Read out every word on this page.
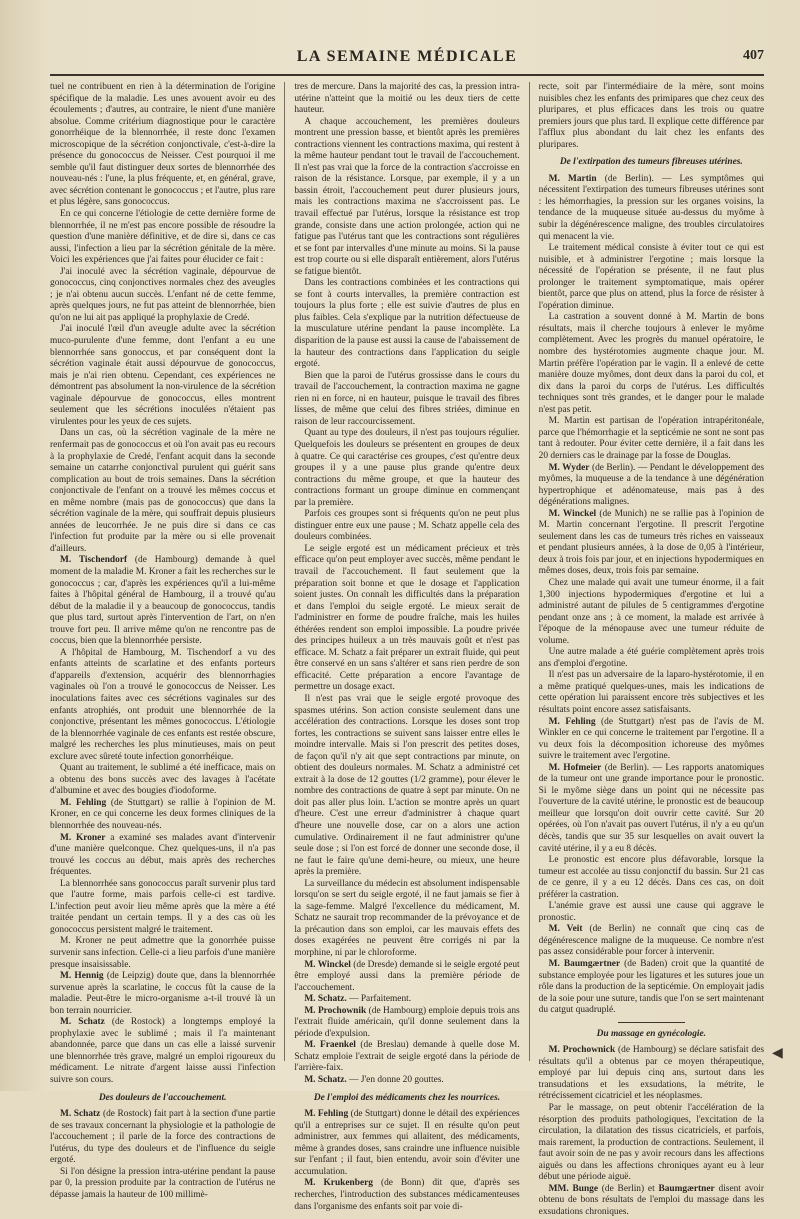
LA SEMAINE MÉDICALE	407

tuel ne contribuent en rien à la détermination de l'origine spécifique de la maladie. Les unes avouent avoir eu des écoulements ; d'autres, au contraire, le nient d'une manière absolue. Comme critérium diagnostique pour le caractère gonorrhéique de la blennorrhée, il reste donc l'examen microscopique de la sécrétion conjonctivale, c'est-à-dire la présence du gonococcus de Neisser. C'est pourquoi il me semble qu'il faut distinguer deux sortes de blennorrhée des nouveau-nés : l'une, la plus fréquente, et, en général, grave, avec sécrétion contenant le gonococcus ; et l'autre, plus rare et plus légère, sans gonococcus.

En ce qui concerne l'étiologie de cette dernière forme de blennorrhée, il ne m'est pas encore possible de résoudre la question d'une manière définitive, et de dire si, dans ce cas aussi, l'infection a lieu par la sécrétion génitale de la mère. Voici les expériences que j'ai faites pour élucider ce fait :

J'ai inoculé avec la sécrétion vaginale, dépourvue de gonococcus, cinq conjonctives normales chez des aveugles ; je n'ai obtenu aucun succès. L'enfant né de cette femme, après quelques jours, ne fut pas atteint de blennorrhée, bien qu'on ne lui ait pas appliqué la prophylaxie de Credé.

J'ai inoculé l'œil d'un aveugle adulte avec la sécrétion muco-purulente d'une femme, dont l'enfant a eu une blennorrhée sans gonoccus, et par conséquent dont la sécrétion vaginale était aussi dépourvue de gonococcus, mais je n'ai rien obtenu. Cependant, ces expériences ne démontrent pas absolument la non-virulence de la sécrétion vaginale dépourvue de gonococcus, elles montrent seulement que les sécrétions inoculées n'étaient pas virulentes pour les yeux de ces sujets.

Dans un cas, où la sécrétion vaginale de la mère ne renfermait pas de gonococcus et où l'on avait pas eu recours à la prophylaxie de Credé, l'enfant acquit dans la seconde semaine un catarrhe conjonctival purulent qui guérit sans complication au bout de trois semaines. Dans la sécrétion conjonctivale de l'enfant on a trouvé les mêmes coccus et en même nombre (mais pas de gonococcus) que dans la sécrétion vaginale de la mère, qui souffrait depuis plusieurs années de leucorrhée. Je ne puis dire si dans ce cas l'infection fut produite par la mère ou si elle provenait d'ailleurs.

M. Tischendorf (de Hambourg) demande à quel moment de la maladie M. Kroner a fait les recherches sur le gonococcus ; car, d'après les expériences qu'il a lui-même faites à l'hôpital général de Hambourg, il a trouvé qu'au début de la maladie il y a beaucoup de gonococcus, tandis que plus tard, surtout après l'intervention de l'art, on n'en trouve fort peu. Il arrive même qu'on ne rencontre pas de coccus, bien que la blennorrhée persiste.

A l'hôpital de Hambourg, M. Tischendorf a vu des enfants atteints de scarlatine et des enfants porteurs d'appareils d'extension, acquérir des blennorrhagies vaginales où l'on a trouvé le gonococcus de Neisser. Les inoculations faites avec ces sécrétions vaginales sur des enfants atrophiés, ont produit une blennorrhée de la conjonctive, présentant les mêmes gonococcus. L'étiologie de la blennorrhée vaginale de ces enfants est restée obscure, malgré les recherches les plus minutieuses, mais on peut exclure avec sûreté toute infection gonorrhéique.

Quant au traitement, le sublimé a été inefficace, mais on a obtenu des bons succès avec des lavages à l'acétate d'albumine et avec des bougies d'iodoforme.

M. Fehling (de Stuttgart) se rallie à l'opinion de M. Kroner, en ce qui concerne les deux formes cliniques de la blennorrhée des nouveau-nés.

M. Kroner a examiné ses malades avant d'intervenir d'une manière quelconque. Chez quelques-uns, il n'a pas trouvé les coccus au début, mais après des recherches fréquentes.

La blennorrhée sans gonococcus paraît survenir plus tard que l'autre forme, mais parfois celle-ci est tardive. L'infection peut avoir lieu même après que la mère a été traitée pendant un certain temps. Il y a des cas où les gonococcus persistent malgré le traitement.

M. Kroner ne peut admettre que la gonorrhée puisse survenir sans infection. Celle-ci a lieu parfois d'une manière presque insaisissable.

M. Hennig (de Leipzig) doute que, dans la blennorrhée survenue après la scarlatine, le coccus fût la cause de la maladie. Peut-être le micro-organisme a-t-il trouvé là un bon terrain nourricier.

M. Schatz (de Rostock) a longtemps employé la prophylaxie avec le sublimé ; mais il l'a maintenant abandonnée, parce que dans un cas elle a laissé survenir une blennorrhée très grave, malgré un emploi rigoureux du médicament. Le nitrate d'argent laisse aussi l'infection suivre son cours.

Des douleurs de l'accouchement.

M. Schatz (de Rostock) fait part à la section d'une partie de ses travaux concernant la physiologie et la pathologie de l'accouchement ; il parle de la force des contractions de l'utérus, du type des douleurs et de l'influence du seigle ergoté.

Si l'on désigne la pression intra-utérine pendant la pause par 0, la pression produite par la contraction de l'utérus ne dépasse jamais la hauteur de 100 millimè-

tres de mercure. Dans la majorité des cas, la pression intra-utérine n'atteint que la moitié ou les deux tiers de cette hauteur.

A chaque accouchement, les premières douleurs montrent une pression basse, et bientôt après les premières contractions viennent les contractions maxima, qui restent à la même hauteur pendant tout le travail de l'accouchement. Il n'est pas vrai que la force de la contraction s'accroisse en raison de la résistance. Lorsque, par exemple, il y a un bassin étroit, l'accouchement peut durer plusieurs jours, mais les contractions maxima ne s'accroissent pas. Le travail effectué par l'utérus, lorsque la résistance est trop grande, consiste dans une action prolongée, action qui ne fatigue pas l'utérus tant que les contractions sont régulières et se font par intervalles d'une minute au moins. Si la pause est trop courte ou si elle disparaît entièrement, alors l'utérus se fatigue bientôt.

Dans les contractions combinées et les contractions qui se font à courts intervalles, la première contraction est toujours la plus forte ; elle est suivie d'autres de plus en plus faibles. Cela s'explique par la nutrition défectueuse de la musculature utérine pendant la pause incomplète. La disparition de la pause est aussi la cause de l'abaissement de la hauteur des contractions dans l'application du seigle ergoté.

Bien que la paroi de l'utérus grossisse dans le cours du travail de l'accouchement, la contraction maxima ne gagne rien ni en force, ni en hauteur, puisque le travail des fibres lisses, de même que celui des fibres striées, diminue en raison de leur raccourcissement.

Quant au type des douleurs, il n'est pas toujours régulier. Quelquefois les douleurs se présentent en groupes de deux à quatre. Ce qui caractérise ces groupes, c'est qu'entre deux groupes il y a une pause plus grande qu'entre deux contractions du même groupe, et que la hauteur des contractions formant un groupe diminue en commençant par la première.

Parfois ces groupes sont si fréquents qu'on ne peut plus distinguer entre eux une pause ; M. Schatz appelle cela des douleurs combinées.

Le seigle ergoté est un médicament précieux et très efficace qu'on peut employer avec succès, même pendant le travail de l'accouchement. Il faut seulement que la préparation soit bonne et que le dosage et l'application soient justes. On connaît les difficultés dans la préparation et dans l'emploi du seigle ergoté. Le mieux serait de l'administrer en forme de poudre fraîche, mais les huiles éthérées rendent son emploi impossible. La poudre privée des principes huileux a un très mauvais goût et n'est pas efficace. M. Schatz a fait préparer un extrait fluide, qui peut être conservé en un sans s'altérer et sans rien perdre de son efficacité. Cette préparation a encore l'avantage de permettre un dosage exact.

Il n'est pas vrai que le seigle ergoté provoque des spasmes utérins. Son action consiste seulement dans une accélération des contractions. Lorsque les doses sont trop fortes, les contractions se suivent sans laisser entre elles le moindre intervalle. Mais si l'on prescrit des petites doses, de façon qu'il n'y ait que sept contractions par minute, on obtient des douleurs normales. M. Schatz a administré cet extrait à la dose de 12 gouttes (1/2 gramme), pour élever le nombre des contractions de quatre à sept par minute. On ne doit pas aller plus loin. L'action se montre après un quart d'heure. C'est une erreur d'administrer à chaque quart d'heure une nouvelle dose, car on a alors une action cumulative. Ordinairement il ne faut administrer qu'une seule dose ; si l'on est forcé de donner une seconde dose, il ne faut le faire qu'une demi-heure, ou mieux, une heure après la première.

La surveillance du médecin est absolument indispensable lorsqu'on se sert du seigle ergoté, il ne faut jamais se fier à la sage-femme. Malgré l'excellence du médicament, M. Schatz ne saurait trop recommander de la prévoyance et de la précaution dans son emploi, car les mauvais effets des doses exagérées ne peuvent être corrigés ni par la morphine, ni par le chloroforme.

M. Winckel (de Dresde) demande si le seigle ergoté peut être employé aussi dans la première période de l'accouchement.

M. Schatz. — Parfaitement.

M. Prochownik (de Hambourg) emploie depuis trois ans l'extrait fluide américain, qu'il donne seulement dans la période d'expulsion.

M. Fraenkel (de Breslau) demande à quelle dose M. Schatz emploie l'extrait de seigle ergoté dans la période de l'arrière-faix.

M. Schatz. — J'en donne 20 gouttes.

De l'emploi des médicaments chez les nourrices.

M. Fehling (de Stuttgart) donne le détail des expériences qu'il a entreprises sur ce sujet. Il en résulte qu'on peut administrer, aux femmes qui allaitent, des médicaments, même à grandes doses, sans craindre une influence nuisible sur l'enfant ; il faut, bien entendu, avoir soin d'éviter une accumulation.

M. Krukenberg (de Bonn) dit que, d'après ses recherches, l'introduction des substances médicamenteuses dans l'organisme des enfants soit par voie di-

recte, soit par l'intermédiaire de la mère, sont moins nuisibles chez les enfants des primipares que chez ceux des pluripares, et plus efficaces dans les trois ou quatre premiers jours que plus tard. Il explique cette différence par l'afflux plus abondant du lait chez les enfants des pluripares.

De l'extirpation des tumeurs fibreuses utérines.

M. Martin (de Berlin). — Les symptômes qui nécessitent l'extirpation des tumeurs fibreuses utérines sont : les hémorrhagies, la pression sur les organes voisins, la tendance de la muqueuse située au-dessus du myôme à subir la dégénérescence maligne, des troubles circulatoires qui menacent la vie.

Le traitement médical consiste à éviter tout ce qui est nuisible, et à administrer l'ergotine ; mais lorsque la nécessité de l'opération se présente, il ne faut plus prolonger le traitement symptomatique, mais opérer bientôt, parce que plus on attend, plus la force de résister à l'opération diminue.

La castration a souvent donné à M. Martin de bons résultats, mais il cherche toujours à enlever le myôme complètement. Avec les progrès du manuel opératoire, le nombre des hystérotomies augmente chaque jour. M. Martin préfère l'opération par le vagin. Il a enlevé de cette manière douze myômes, dont deux dans la paroi du col, et dix dans la paroi du corps de l'utérus. Les difficultés techniques sont très grandes, et le danger pour le malade n'est pas petit.

M. Martin est partisan de l'opération intrapéritonéale, parce que l'hémorrhagie et la septicémie ne sont ne sont pas tant à redouter. Pour éviter cette dernière, il a fait dans les 20 derniers cas le drainage par la fosse de Douglas.

M. Wyder (de Berlin). — Pendant le développement des myômes, la muqueuse a de la tendance à une dégénération hypertrophique et adénomateuse, mais pas à des dégénérations malignes.

M. Winckel (de Munich) ne se rallie pas à l'opinion de M. Martin concernant l'ergotine. Il prescrit l'ergotine seulement dans les cas de tumeurs très riches en vaisseaux et pendant plusieurs années, à la dose de 0,05 à l'intérieur, deux à trois fois par jour, et en injections hypodermiques en mêmes doses, deux, trois fois par semaine.

Chez une malade qui avait une tumeur énorme, il a fait 1,300 injections hypodermiques d'ergotine et lui a administré autant de pilules de 5 centigrammes d'ergotine pendant onze ans ; à ce moment, la malade est arrivée à l'époque de la ménopause avec une tumeur réduite de volume.

Une autre malade a été guérie complètement après trois ans d'emploi d'ergotine.

Il n'est pas un adversaire de la laparo-hystérotomie, il en a même pratiqué quelques-unes, mais les indications de cette opération lui paraissent encore très subjectives et les résultats point encore assez satisfaisants.

M. Fehling (de Stuttgart) n'est pas de l'avis de M. Winkler en ce qui concerne le traitement par l'ergotine. Il a vu deux fois la décomposition ichoreuse des myômes suivre le traitement avec l'ergotine.

M. Hofmeier (de Berlin). — Les rapports anatomiques de la tumeur ont une grande importance pour le pronostic. Si le myôme siège dans un point qui ne nécessite pas l'ouverture de la cavité utérine, le pronostic est de beaucoup meilleur que lorsqu'on doit ouvrir cette cavité. Sur 20 opérées, où l'on n'avait pas ouvert l'utérus, il n'y a eu qu'un décès, tandis que sur 35 sur lesquelles on avait ouvert la cavité utérine, il y a eu 8 décès.

Le pronostic est encore plus défavorable, lorsque la tumeur est accolée au tissu conjonctif du bassin. Sur 21 cas de ce genre, il y a eu 12 décès. Dans ces cas, on doit préférer la castration.

L'anémie grave est aussi une cause qui aggrave le pronostic.

M. Veit (de Berlin) ne connaît que cinq cas de dégénérescence maligne de la muqueuse. Ce nombre n'est pas assez considérable pour forcer à intervenir.

M. Baumgærtner (de Baden) croit que la quantité de substance employée pour les ligatures et les sutures joue un rôle dans la production de la septicémie. On employait jadis de la soie pour une suture, tandis que l'on se sert maintenant du catgut quadruplé.

Du massage en gynécologie.

M. Prochownick (de Hambourg) se déclare satisfait des résultats qu'il a obtenus par ce moyen thérapeutique, employé par lui depuis cinq ans, surtout dans les transudations et les exsudations, la métrite, le rétrécissement cicatriciel et les néoplasmes.

Par le massage, on peut obtenir l'accélération de la résorption des produits pathologiques, l'excitation de la circulation, la dilatation des tissus cicatriciels, et parfois, mais rarement, la production de contractions. Seulement, il faut avoir soin de ne pas y avoir recours dans les affections aiguës ou dans les affections chroniques ayant eu à leur début une période aiguë.

MM. Bunge (de Berlin) et Baumgærtner disent avoir obtenu de bons résultats de l'emploi du massage dans les exsudations chroniques.

◀
